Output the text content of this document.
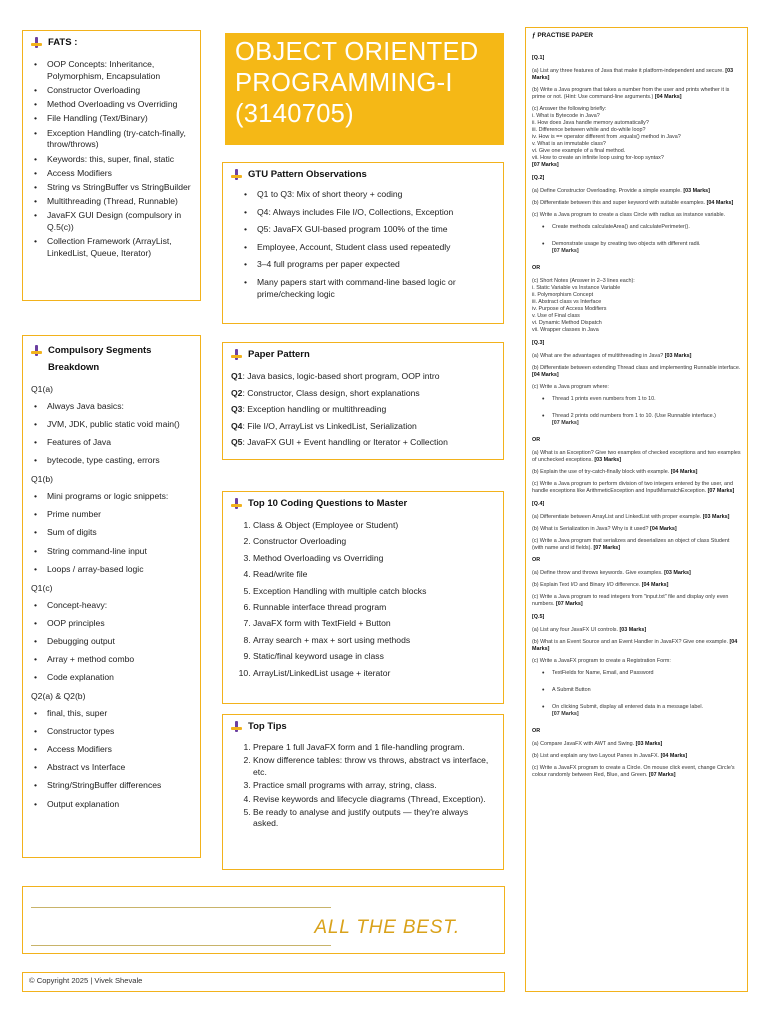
FATS :
• OOP Concepts: Inheritance, Polymorphism, Encapsulation
• Constructor Overloading
• Method Overloading vs Overriding
• File Handling (Text/Binary)
• Exception Handling (try-catch-finally, throw/throws)
• Keywords: this, super, final, static
• Access Modifiers
• String vs StringBuffer vs StringBuilder
• Multithreading (Thread, Runnable)
• JavaFX GUI Design (compulsory in Q.5(c))
• Collection Framework (ArrayList, LinkedList, Queue, Iterator)
OBJECT ORIENTED
PROGRAMMING-I
(3140705)
GTU Pattern Observations
• Q1 to Q3: Mix of short theory + coding
• Q4: Always includes File I/O, Collections, Exception
• Q5: JavaFX GUI-based program 100% of the time
• Employee, Account, Student class used repeatedly
• 3–4 full programs per paper expected
• Many papers start with command-line based logic or prime/checking logic
Compulsory Segments Breakdown
Q1(a)
• Always Java basics:
• JVM, JDK, public static void main()
• Features of Java
• bytecode, type casting, errors
Q1(b)
• Mini programs or logic snippets:
• Prime number
• Sum of digits
• String command-line input
• Loops / array-based logic
Q1(c)
• Concept-heavy:
• OOP principles
• Debugging output
• Array + method combo
• Code explanation
Q2(a) & Q2(b)
• final, this, super
• Constructor types
• Access Modifiers
• Abstract vs Interface
• String/StringBuffer differences
• Output explanation
Paper Pattern
Q1: Java basics, logic-based short program, OOP intro
Q2: Constructor, Class design, short explanations
Q3: Exception handling or multithreading
Q4: File I/O, ArrayList vs LinkedList, Serialization
Q5: JavaFX GUI + Event handling or Iterator + Collection
Top 10 Coding Questions to Master
1. Class & Object (Employee or Student)
2. Constructor Overloading
3. Method Overloading vs Overriding
4. Read/write file
5. Exception Handling with multiple catch blocks
6. Runnable interface thread program
7. JavaFX form with TextField + Button
8. Array search + max + sort using methods
9. Static/final keyword usage in class
10. ArrayList/LinkedList usage + iterator
Top Tips
1. Prepare 1 full JavaFX form and 1 file-handling program.
2. Know difference tables: throw vs throws, abstract vs interface, etc.
3. Practice small programs with array, string, class.
4. Revise keywords and lifecycle diagrams (Thread, Exception).
5. Be ready to analyse and justify outputs — they're always asked.
ALL THE BEST.
© Copyright 2025 | Vivek Shevale
ƒ PRACTISE PAPER
[Q.1]
(a) List any three features of Java that make it platform-independent and secure. [03 Marks]
(b) Write a Java program that takes a number from the user and prints whether it is prime or not. (Hint: Use command-line arguments.) [04 Marks]
(c) Answer the following briefly:
i. What is Bytecode in Java?
ii. How does Java handle memory automatically?
iii. Difference between while and do-while loop?
iv. How is == operator different from .equals() method in Java?
v. What is an immutable class?
vi. Give one example of a final method.
vii. How to create an infinite loop using for-loop syntax?
[07 Marks]
[Q.2]
(a) Define Constructor Overloading. Provide a simple example. [03 Marks]
(b) Differentiate between this and super keyword with suitable examples. [04 Marks]
(c) Write a Java program to create a class Circle with radius as instance variable.
• Create methods calculateArea() and calculatePerimeter().
• Demonstrate usage by creating two objects with different radii.
[07 Marks]
OR
(c) Short Notes (Answer in 2–3 lines each):
i. Static Variable vs Instance Variable
ii. Polymorphism Concept
iii. Abstract class vs Interface
iv. Purpose of Access Modifiers
v. Use of Final class
vi. Dynamic Method Dispatch
vii. Wrapper classes in Java
[Q.3]
(a) What are the advantages of multithreading in Java? [03 Marks]
(b) Differentiate between extending Thread class and implementing Runnable interface. [04 Marks]
(c) Write a Java program where:
• Thread 1 prints even numbers from 1 to 10.
• Thread 2 prints odd numbers from 1 to 10. (Use Runnable interface.)
[07 Marks]
OR
(a) What is an Exception? Give two examples of checked exceptions and two examples of unchecked exceptions. [03 Marks]
(b) Explain the use of try-catch-finally block with example. [04 Marks]
(c) Write a Java program to perform division of two integers entered by the user, and handle exceptions like ArithmeticException and InputMismatchException. [07 Marks]
[Q.4]
(a) Differentiate between ArrayList and LinkedList with proper example. [03 Marks]
(b) What is Serialization in Java? Why is it used? [04 Marks]
(c) Write a Java program that serializes and deserializes an object of class Student (with name and id fields). [07 Marks]
OR
(a) Define throw and throws keywords. Give examples. [03 Marks]
(b) Explain Text I/O and Binary I/O difference. [04 Marks]
(c) Write a Java program to read integers from "input.txt" file and display only even numbers. [07 Marks]
[Q.5]
(a) List any four JavaFX UI controls. [03 Marks]
(b) What is an Event Source and an Event Handler in JavaFX? Give one example. [04 Marks]
(c) Write a JavaFX program to create a Registration Form:
• TextFields for Name, Email, and Password
• A Submit Button
• On clicking Submit, display all entered data in a message label.
[07 Marks]
OR
(a) Compare JavaFX with AWT and Swing. [03 Marks]
(b) List and explain any two Layout Panes in JavaFX. [04 Marks]
(c) Write a JavaFX program to create a Circle. On mouse click event, change Circle's colour randomly between Red, Blue, and Green. [07 Marks]
